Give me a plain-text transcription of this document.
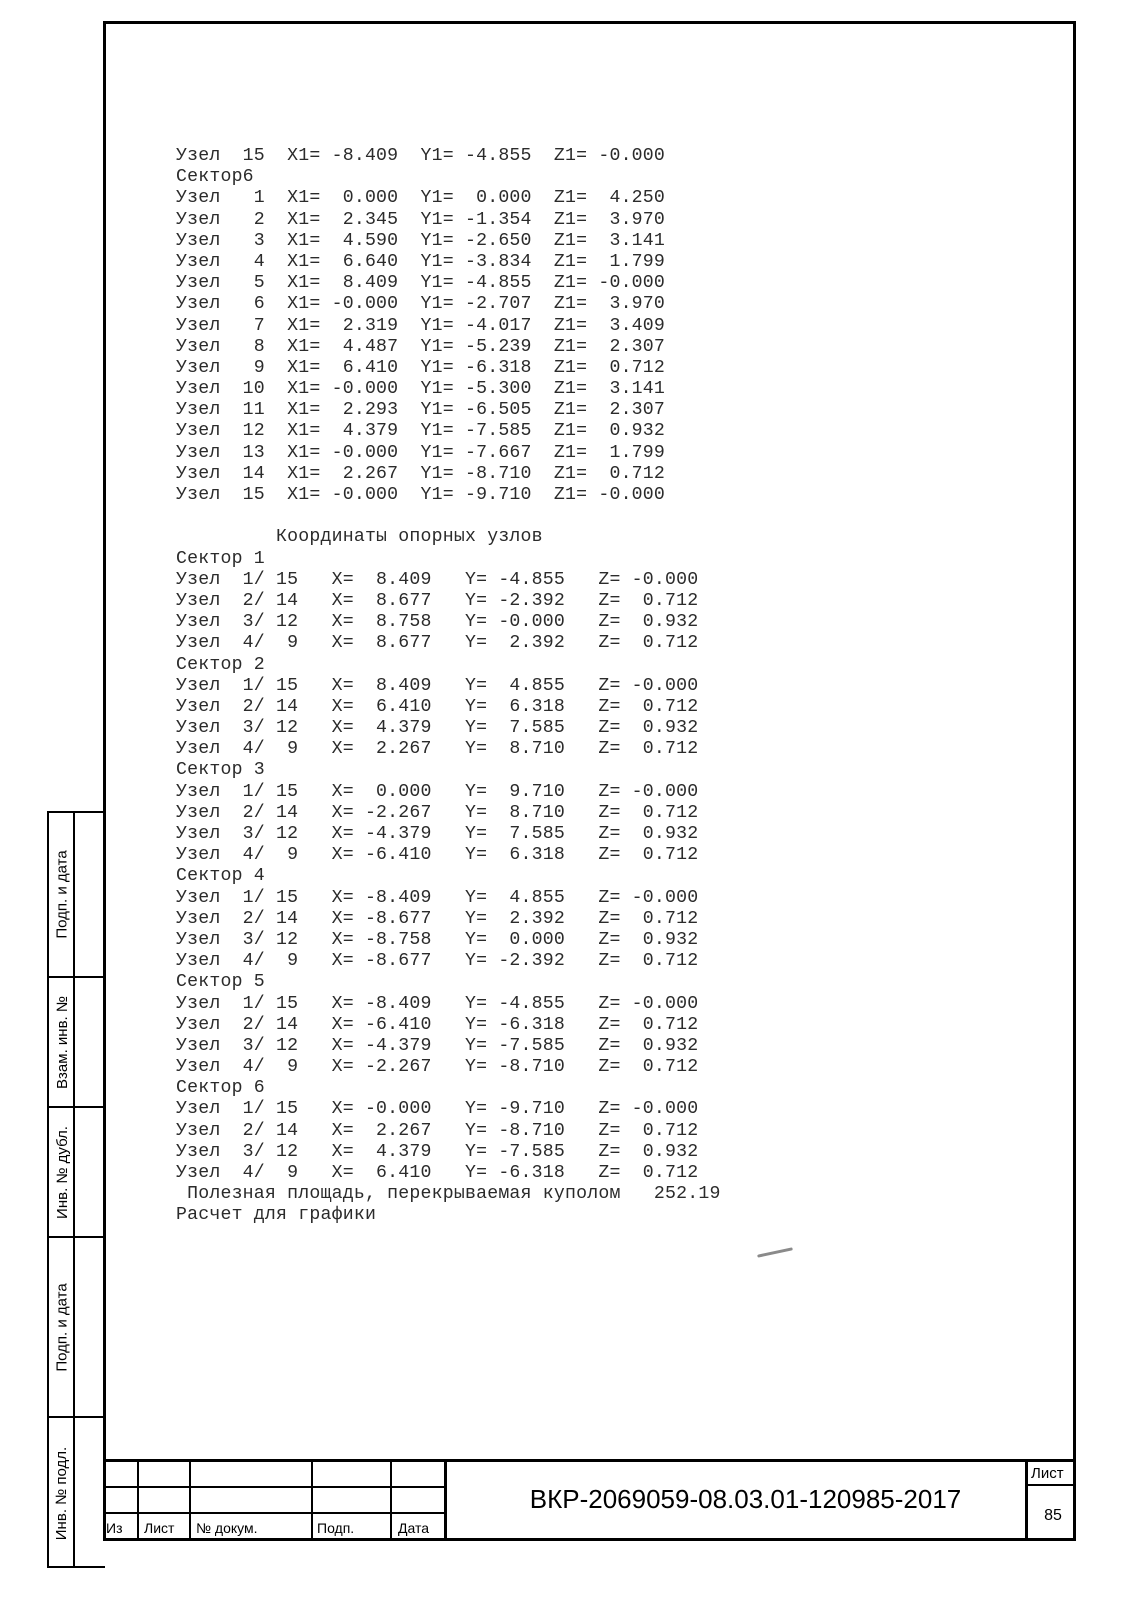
Подп. и дата
Взам. инв. №
Инв. № дубл.
Подп. и дата
Инв. № подл.
Узел  15  X1= -8.409  Y1= -4.855  Z1= -0.000
Сектор6
Узел   1  X1=  0.000  Y1=  0.000  Z1=  4.250
Узел   2  X1=  2.345  Y1= -1.354  Z1=  3.970
Узел   3  X1=  4.590  Y1= -2.650  Z1=  3.141
Узел   4  X1=  6.640  Y1= -3.834  Z1=  1.799
Узел   5  X1=  8.409  Y1= -4.855  Z1= -0.000
Узел   6  X1= -0.000  Y1= -2.707  Z1=  3.970
Узел   7  X1=  2.319  Y1= -4.017  Z1=  3.409
Узел   8  X1=  4.487  Y1= -5.239  Z1=  2.307
Узел   9  X1=  6.410  Y1= -6.318  Z1=  0.712
Узел  10  X1= -0.000  Y1= -5.300  Z1=  3.141
Узел  11  X1=  2.293  Y1= -6.505  Z1=  2.307
Узел  12  X1=  4.379  Y1= -7.585  Z1=  0.932
Узел  13  X1= -0.000  Y1= -7.667  Z1=  1.799
Узел  14  X1=  2.267  Y1= -8.710  Z1=  0.712
Узел  15  X1= -0.000  Y1= -9.710  Z1= -0.000
Координаты опорных узлов
Сектор 1
Узел  1/ 15   X=  8.409   Y= -4.855   Z= -0.000
Узел  2/ 14   X=  8.677   Y= -2.392   Z=  0.712
Узел  3/ 12   X=  8.758   Y= -0.000   Z=  0.932
Узел  4/  9   X=  8.677   Y=  2.392   Z=  0.712
Сектор 2
Узел  1/ 15   X=  8.409   Y=  4.855   Z= -0.000
Узел  2/ 14   X=  6.410   Y=  6.318   Z=  0.712
Узел  3/ 12   X=  4.379   Y=  7.585   Z=  0.932
Узел  4/  9   X=  2.267   Y=  8.710   Z=  0.712
Сектор 3
Узел  1/ 15   X=  0.000   Y=  9.710   Z= -0.000
Узел  2/ 14   X= -2.267   Y=  8.710   Z=  0.712
Узел  3/ 12   X= -4.379   Y=  7.585   Z=  0.932
Узел  4/  9   X= -6.410   Y=  6.318   Z=  0.712
Сектор 4
Узел  1/ 15   X= -8.409   Y=  4.855   Z= -0.000
Узел  2/ 14   X= -8.677   Y=  2.392   Z=  0.712
Узел  3/ 12   X= -8.758   Y=  0.000   Z=  0.932
Узел  4/  9   X= -8.677   Y= -2.392   Z=  0.712
Сектор 5
Узел  1/ 15   X= -8.409   Y= -4.855   Z= -0.000
Узел  2/ 14   X= -6.410   Y= -6.318   Z=  0.712
Узел  3/ 12   X= -4.379   Y= -7.585   Z=  0.932
Узел  4/  9   X= -2.267   Y= -8.710   Z=  0.712
Сектор 6
Узел  1/ 15   X= -0.000   Y= -9.710   Z= -0.000
Узел  2/ 14   X=  2.267   Y= -8.710   Z=  0.712
Узел  3/ 12   X=  4.379   Y= -7.585   Z=  0.932
Узел  4/  9   X=  6.410   Y= -6.318   Z=  0.712
Полезная площадь, перекрываемая куполом   252.19
Расчет для графики
Из Лист № докум.	Подп.	Дата
ВКР-2069059-08.03.01-120985-2017
Лист
85
